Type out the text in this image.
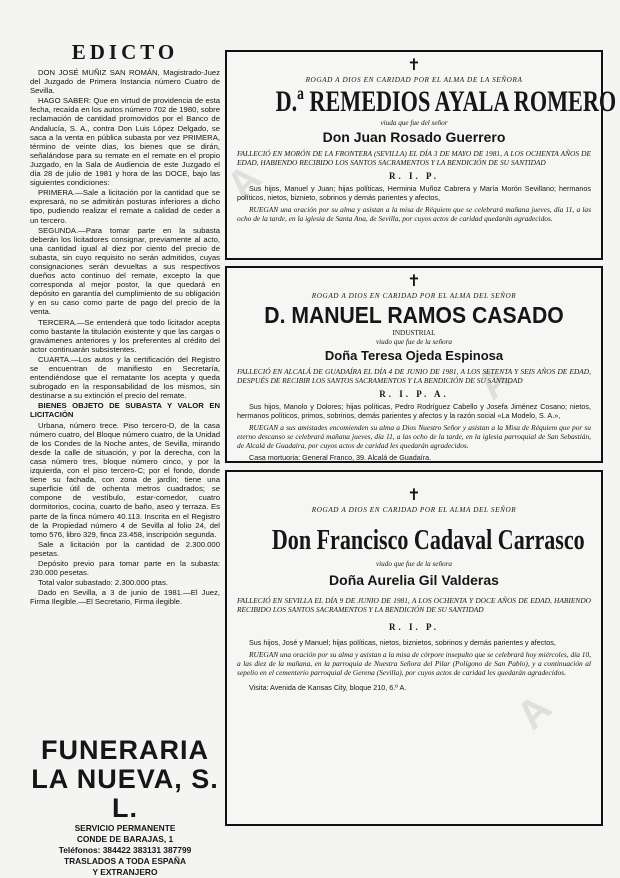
EDICTO

DON JOSÉ MUÑIZ SAN ROMÁN, Magistrado-Juez del Juzgado de Primera Instancia número Cuatro de Sevilla.

HAGO SABER: Que en virtud de providencia de esta fecha, recaída en los autos número 702 de 1980, sobre reclamación de cantidad promovidos por el Banco de Andalucía, S. A., contra Don Luis López Delgado, se saca a la venta en pública subasta por vez PRIMERA, término de veinte días, los bienes que se dirán, señalándose para su remate en el remate en el propio Juzgado, en la Sala de Audiencia de este Juzgado el día 28 de julio de 1981 y hora de las DOCE, bajo las siguientes condiciones:

PRIMERA.—Sale a licitación por la cantidad que se expresará, no se admitirán posturas inferiores a dicho tipo, pudiendo realizar el remate a calidad de ceder a un tercero.

SEGUNDA.—Para tomar parte en la subasta deberán los licitadores consignar, previamente al acto, una cantidad igual al diez por ciento del precio de subasta, sin cuyo requisito no serán admitidos, cuyas consignaciones serán devueltas a sus respectivos dueños acto continuo del remate, excepto la que corresponda al mejor postor, la que quedará en depósito en garantía del cumplimiento de su obligación y en su caso como parte de pago del precio de la venta.

TERCERA.—Se entenderá que todo licitador acepta como bastante la titulación existente y que las cargas o gravámenes anteriores y los preferentes al crédito del actor continuarán subsistentes.

CUARTA.—Los autos y la certificación del Registro se encuentran de manifiesto en Secretaría, entendiéndose que el rematante los acepta y queda subrogado en la responsabilidad de los mismos, sin destinarse a su extinción el precio del remate.

BIENES OBJETO DE SUBASTA Y VALOR EN LICITACIÓN

Urbana, número trece. Piso tercero-D, de la casa número cuatro, del Bloque número cuatro, de la Unidad de los Condes de la Noche antes, de Sevilla, mirando desde la calle de situación, y por la derecha, con la casa número tres, bloque número cinco, y por la izquierda, con el piso tercero-C; por el fondo, donde tiene su fachada, con zona de jardín; tiene una superficie útil de ochenta metros cuadrados; se compone de vestíbulo, estar-comedor, cuatro dormitorios, cocina, cuarto de baño, aseo y terraza. Es parte de la finca número 40.113. Inscrita en el Registro de la Propiedad número 4 de Sevilla al folio 24, del tomo 576, libro 329, finca 23.458, inscripción segunda.

Sale a licitación por la cantidad de 2.300.000 pesetas.

Depósito previo para tomar parte en la subasta: 230.000 pesetas.

Total valor subastado: 2.300.000 ptas.

Dado en Sevilla, a 3 de junio de 1981.—El Juez, Firma Ilegible.—El Secretario, Firma ilegible.

FUNERARIA
LA NUEVA, S. L.
SERVICIO PERMANENTE
CONDE DE BARAJAS, 1
Teléfonos: 384422 383131 387799
TRASLADOS A TODA ESPAÑA
Y EXTRANJERO
✝
ROGAD A DIOS EN CARIDAD POR EL ALMA DE LA SEÑORA
D.ª REMEDIOS AYALA ROMERO
viuda que fue del señor
Don Juan Rosado Guerrero
FALLECIÓ EN MORÓN DE LA FRONTERA (SEVILLA) EL DÍA 3 DE MAYO DE 1981, A LOS OCHENTA AÑOS DE EDAD, HABIENDO RECIBIDO LOS SANTOS SACRAMENTOS Y LA BENDICIÓN DE SU SANTIDAD
R. I. P.
Sus hijos, Manuel y Juan; hijas políticas, Herminia Muñoz Cabrera y María Morón Sevillano; hermanos políticos, nietos, biznieto, sobrinos y demás parientes y afectos,
RUEGAN una oración por su alma y asistan a la misa de Réquiem que se celebrará mañana jueves, día 11, a las ocho de la tarde, en la iglesia de Santa Ana, de Sevilla, por cuyos actos de caridad quedarán agradecidos.
✝
ROGAD A DIOS EN CARIDAD POR EL ALMA DEL SEÑOR
D. MANUEL RAMOS CASADO
INDUSTRIAL
viudo que fue de la señora
Doña Teresa Ojeda Espinosa
FALLECIÓ EN ALCALÁ DE GUADAÍRA EL DÍA 4 DE JUNIO DE 1981, A LOS SETENTA Y SEIS AÑOS DE EDAD, DESPUÉS DE RECIBIR LOS SANTOS SACRAMENTOS Y LA BENDICIÓN DE SU SANTIDAD
R. I. P. A.
Sus hijos, Manolo y Dolores; hijas políticas, Pedro Rodríguez Cabello y Josefa Jiménez Cosano; nietos, hermanos políticos, primos, sobrinos, demás parientes y afectos y la razón social «La Modelo, S. A.»,
RUEGAN a sus amistades encomienden su alma a Dios Nuestro Señor y asistan a la Misa de Réquiem que por su eterno descanso se celebrará mañana jueves, día 11, a las ocho de la tarde, en la iglesia parroquial de San Sebastián, de Alcalá de Guadaíra, por cuyos actos de caridad les quedarán agradecidos.
Casa mortuoria: General Franco, 39. Alcalá de Guadaíra.
✝
ROGAD A DIOS EN CARIDAD POR EL ALMA DEL SEÑOR
Don Francisco Cadaval Carrasco
viudo que fue de la señora
Doña Aurelia Gil Valderas
FALLECIÓ EN SEVILLA EL DÍA 9 DE JUNIO DE 1981, A LOS OCHENTA Y DOCE AÑOS DE EDAD, HABIENDO RECIBIDO LOS SANTOS SACRAMENTOS Y LA BENDICIÓN DE SU SANTIDAD
R. I. P.
Sus hijos, José y Manuel; hijas políticas, nietos, biznietos, sobrinos y demás parientes y afectos,
RUEGAN una oración por su alma y asistan a la misa de córpore insepulto que se celebrará hoy miércoles, día 10, a las diez de la mañana, en la parroquia de Nuestra Señora del Pilar (Polígono de San Pablo), y a continuación al sepelio en el cementerio parroquial de Gerena (Sevilla), por cuyos actos de caridad les quedarán agradecidos.
Visita: Avenida de Kansas City, bloque 210, 6.º A.
